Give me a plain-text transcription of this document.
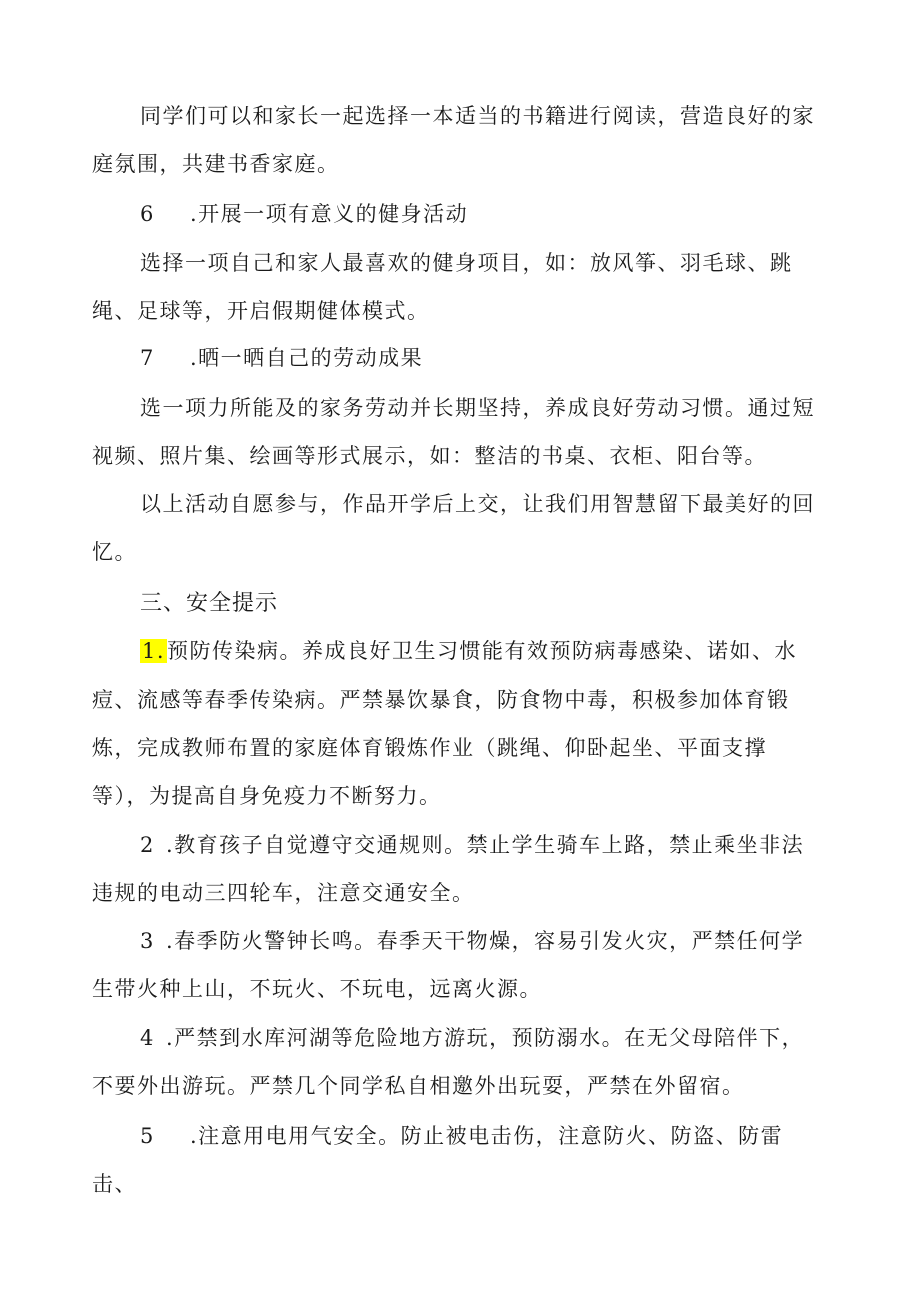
同学们可以和家长一起选择一本适当的书籍进行阅读，营造良好的家
庭氛围，共建书香家庭。
6 .开展一项有意义的健身活动
选择一项自己和家人最喜欢的健身项目，如：放风筝、羽毛球、跳
绳、足球等，开启假期健体模式。
7 .晒一晒自己的劳动成果
选一项力所能及的家务劳动并长期坚持，养成良好劳动习惯。通过短
视频、照片集、绘画等形式展示，如：整洁的书桌、衣柜、阳台等。
以上活动自愿参与，作品开学后上交，让我们用智慧留下最美好的回
忆。
三、安全提示
1.预防传染病。养成良好卫生习惯能有效预防病毒感染、诺如、水
痘、流感等春季传染病。严禁暴饮暴食，防食物中毒，积极参加体育锻
炼，完成教师布置的家庭体育锻炼作业（跳绳、仰卧起坐、平面支撑
等），为提高自身免疫力不断努力。
2 .教育孩子自觉遵守交通规则。禁止学生骑车上路，禁止乘坐非法
违规的电动三四轮车，注意交通安全。
3 .春季防火警钟长鸣。春季天干物燥，容易引发火灾，严禁任何学
生带火种上山，不玩火、不玩电，远离火源。
4 .严禁到水库河湖等危险地方游玩，预防溺水。在无父母陪伴下，
不要外出游玩。严禁几个同学私自相邀外出玩耍，严禁在外留宿。
5 .注意用电用气安全。防止被电击伤，注意防火、防盗、防雷
击、
